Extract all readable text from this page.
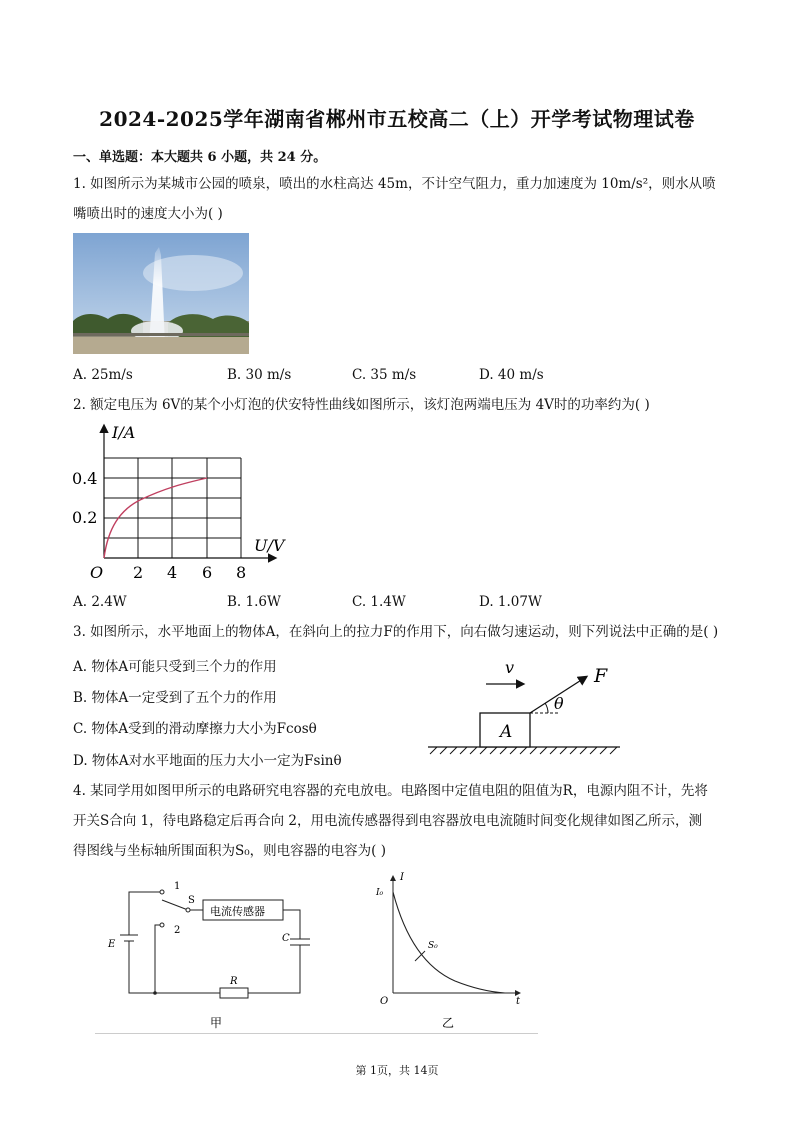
2024-2025学年湖南省郴州市五校高二（上）开学考试物理试卷
一、单选题：本大题共 6 小题，共 24 分。
1. 如图所示为某城市公园的喷泉，喷出的水柱高达 45m，不计空气阻力，重力加速度为 10m/s²，则水从喷
嘴喷出时的速度大小为( )
A. 25m/s	B. 30 m/s	C. 35 m/s	D. 40 m/s
2. 额定电压为 6V的某个小灯泡的伏安特性曲线如图所示，该灯泡两端电压为 4V时的功率约为( )
I/A
U/V
0.4
0.2
O 2 4 6 8
A. 2.4W	B. 1.6W	C. 1.4W	D. 1.07W
3. 如图所示，水平地面上的物体A，在斜向上的拉力F的作用下，向右做匀速运动，则下列说法中正确的是( )
A. 物体A可能只受到三个力的作用
B. 物体A一定受到了五个力的作用
C. 物体A受到的滑动摩擦力大小为Fcosθ
D. 物体A对水平地面的压力大小一定为Fsinθ
A
v	F
θ
4. 某同学用如图甲所示的电路研究电容器的充电放电。电路图中定值电阻的阻值为R，电源内阻不计，先将
开关S合向 1，待电路稳定后再合向 2，用电流传感器得到电容器放电电流随时间变化规律如图乙所示，测
得图线与坐标轴所围面积为S₀，则电容器的电容为( )
1
S
2
电流传感器
E
C
R
甲
I
I₀
S₀
O	t
乙
第 1页，共 14页
